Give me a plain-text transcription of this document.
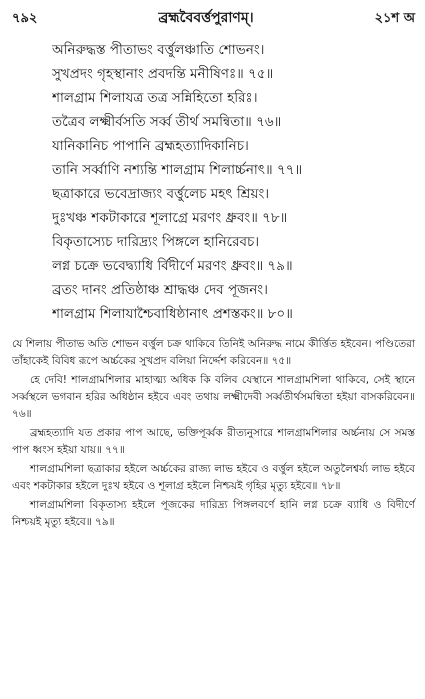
৭৯২	ব্রহ্মবৈবর্ত্তপুরাণম্।	২১শ অ
অনিরুদ্ধস্ত পীতাভং বর্ত্তুলঞ্চাতি শোভনং।
সুখপ্রদং গৃহস্থানাং প্রবদন্তি মনীষিণঃ॥ ৭৫॥
শালগ্রাম শিলাযত্র তত্র সন্নিহিতো হরিঃ।
তত্রৈব লক্ষ্মীর্বসতি সর্ব্ব তীর্থ সমন্বিতা॥ ৭৬॥
যানিকানিচ পাপানি ব্রহ্মহত্যাদিকানিচ।
তানি সর্ব্বাণি নশ্যন্তি শালগ্রাম শিলার্চ্চনাৎ॥ ৭৭॥
ছত্রাকারে ভবেদ্রাজ্যং বর্ত্তুলেচ মহৎ শ্রিয়ং।
দুঃখঞ্চ শকটাকারে শূলাগ্রে মরণং ধ্রুবং॥ ৭৮॥
বিকৃতাস্যেচ দারিদ্র্যং পিঙ্গলে হানিরেবচ।
লগ্ন চক্রে ভবেদ্ব্যাধি র্বিদীর্ণে মরণং ধ্রুবং॥ ৭৯॥
ব্রতং দানং প্রতিষ্ঠাঞ্চ শ্রাদ্ধঞ্চ দেব পূজনং।
শালগ্রাম শিলাযাশ্চৈবাধিষ্ঠানাৎ প্রশস্তকং॥ ৮০॥

যে শিলায় পীতাভ অতি শোভন বর্ত্তুল চক্র থাকিবে তিনিই অনিরুদ্ধ নামে কীর্ত্তিত হইবেন। পণ্ডিতেরা তাঁহাকেই বিবিধ রূপে অর্চ্চকের সুখপ্রদ বলিয়া নির্দ্দেশ করিবেন॥ ৭৫॥

হে দেবি! শালগ্রামশিলার মাহাত্ম্য অধিক কি বলিব যেস্থানে শালগ্রামশিলা থাকিবে, সেই স্থানে সর্ব্বস্থলে ভগবান হরির অধিষ্ঠান হইবে এবং তথায় লক্ষ্মীদেবী সর্ব্বতীর্থসমন্বিতা হইয়া বাসকরিবেন॥ ৭৬॥

ব্রহ্মহত্যাদি যত প্রকার পাপ আছে, ভক্তিপূর্ব্বক রীত্যনুসারে শালগ্রামশিলার অর্চ্চনায় সে সমস্ত পাপ ধ্বংস হইয়া যায়॥ ৭৭॥

শালগ্রামশিলা ছত্রাকার হইলে অর্চ্চকের রাজ্য লাভ হইবে ও বর্ত্তুল হইলে অতুলৈশ্বর্য্য লাভ হইবে এবং শকটাকার হইলে দুঃখ হইবে ও শূলাগ্র হইলে নিশ্চয়ই গৃহির মৃত্যু হইবে॥ ৭৮॥

শালগ্রামশিলা বিকৃতাস্য হইলে পূজকের দারিদ্র্য পিঙ্গলবর্ণে হানি লগ্ন চক্রে ব্যাধি ও বিদীর্ণে নিশ্চয়ই মৃত্যু হইবে॥ ৭৯॥
